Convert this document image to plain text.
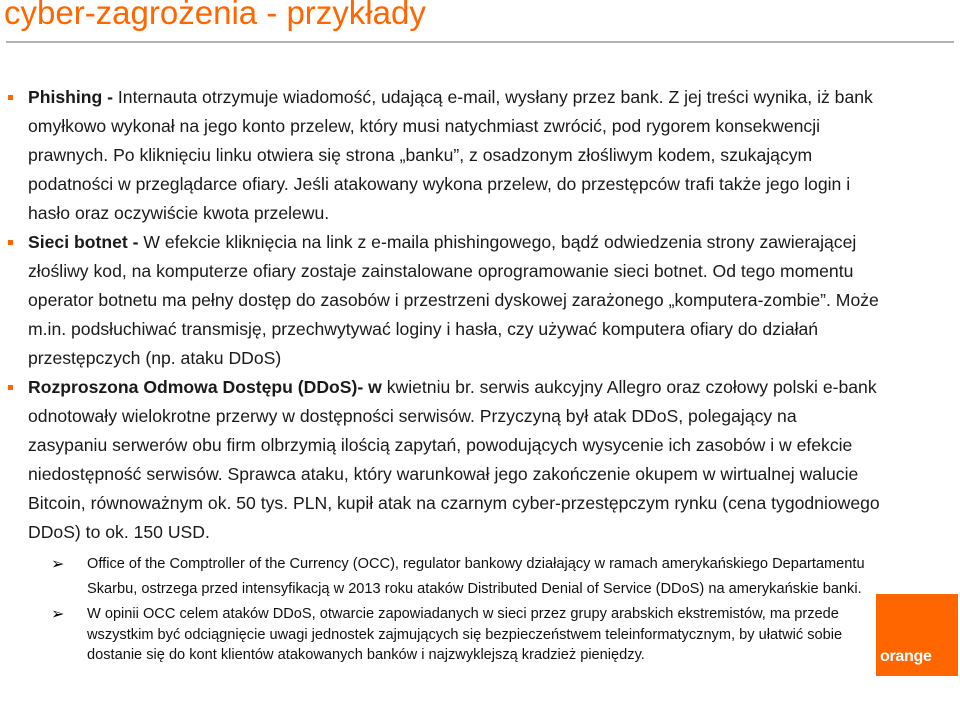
cyber-zagrożenia - przykłady
Phishing - Internauta otrzymuje wiadomość, udającą e-mail, wysłany przez bank. Z jej treści wynika, iż bank omyłkowo wykonał na jego konto przelew, który musi natychmiast zwrócić, pod rygorem konsekwencji prawnych. Po kliknięciu linku otwiera się strona „banku”, z osadzonym złośliwym kodem, szukającym podatności w przeglądarce ofiary. Jeśli atakowany wykona przelew, do przestępców trafi także jego login i hasło oraz oczywiście kwota przelewu.
Sieci botnet - W efekcie kliknięcia na link z e-maila phishingowego, bądź odwiedzenia strony zawierającej złośliwy kod, na komputerze ofiary zostaje zainstalowane oprogramowanie sieci botnet. Od tego momentu operator botnetu ma pełny dostęp do zasobów i przestrzeni dyskowej zarażonego „komputera-zombie”. Może m.in. podsłuchiwać transmisję, przechwytywać loginy i hasła, czy używać komputera ofiary do działań przestępczych (np. ataku DDoS)
Rozproszona Odmowa Dostępu (DDoS)- w kwietniu br. serwis aukcyjny Allegro oraz czołowy polski e-bank odnotowały wielokrotne przerwy w dostępności serwisów. Przyczyną był atak DDoS, polegający na zasypaniu serwerów obu firm olbrzymią ilością zapytań, powodujących wysycenie ich zasobów i w efekcie niedostępność serwisów. Sprawca ataku, który warunkował jego zakończenie okupem w wirtualnej walucie Bitcoin, równoważnym ok. 50 tys. PLN, kupił atak na czarnym cyber-przestępczym rynku (cena tygodniowego DDoS) to ok. 150 USD.
➢	Office of the Comptroller of the Currency (OCC), regulator bankowy działający w ramach amerykańskiego Departamentu Skarbu, ostrzega przed intensyfikacją w 2013 roku ataków Distributed Denial of Service (DDoS) na amerykańskie banki.
➢	W opinii OCC celem ataków DDoS, otwarcie zapowiadanych w sieci przez grupy arabskich ekstremistów, ma przede wszystkim być odciągnięcie uwagi jednostek zajmujących się bezpieczeństwem teleinformatycznym, by ułatwić sobie dostanie się do kont klientów atakowanych banków i najzwyklejszą kradzież pieniędzy.	orange
